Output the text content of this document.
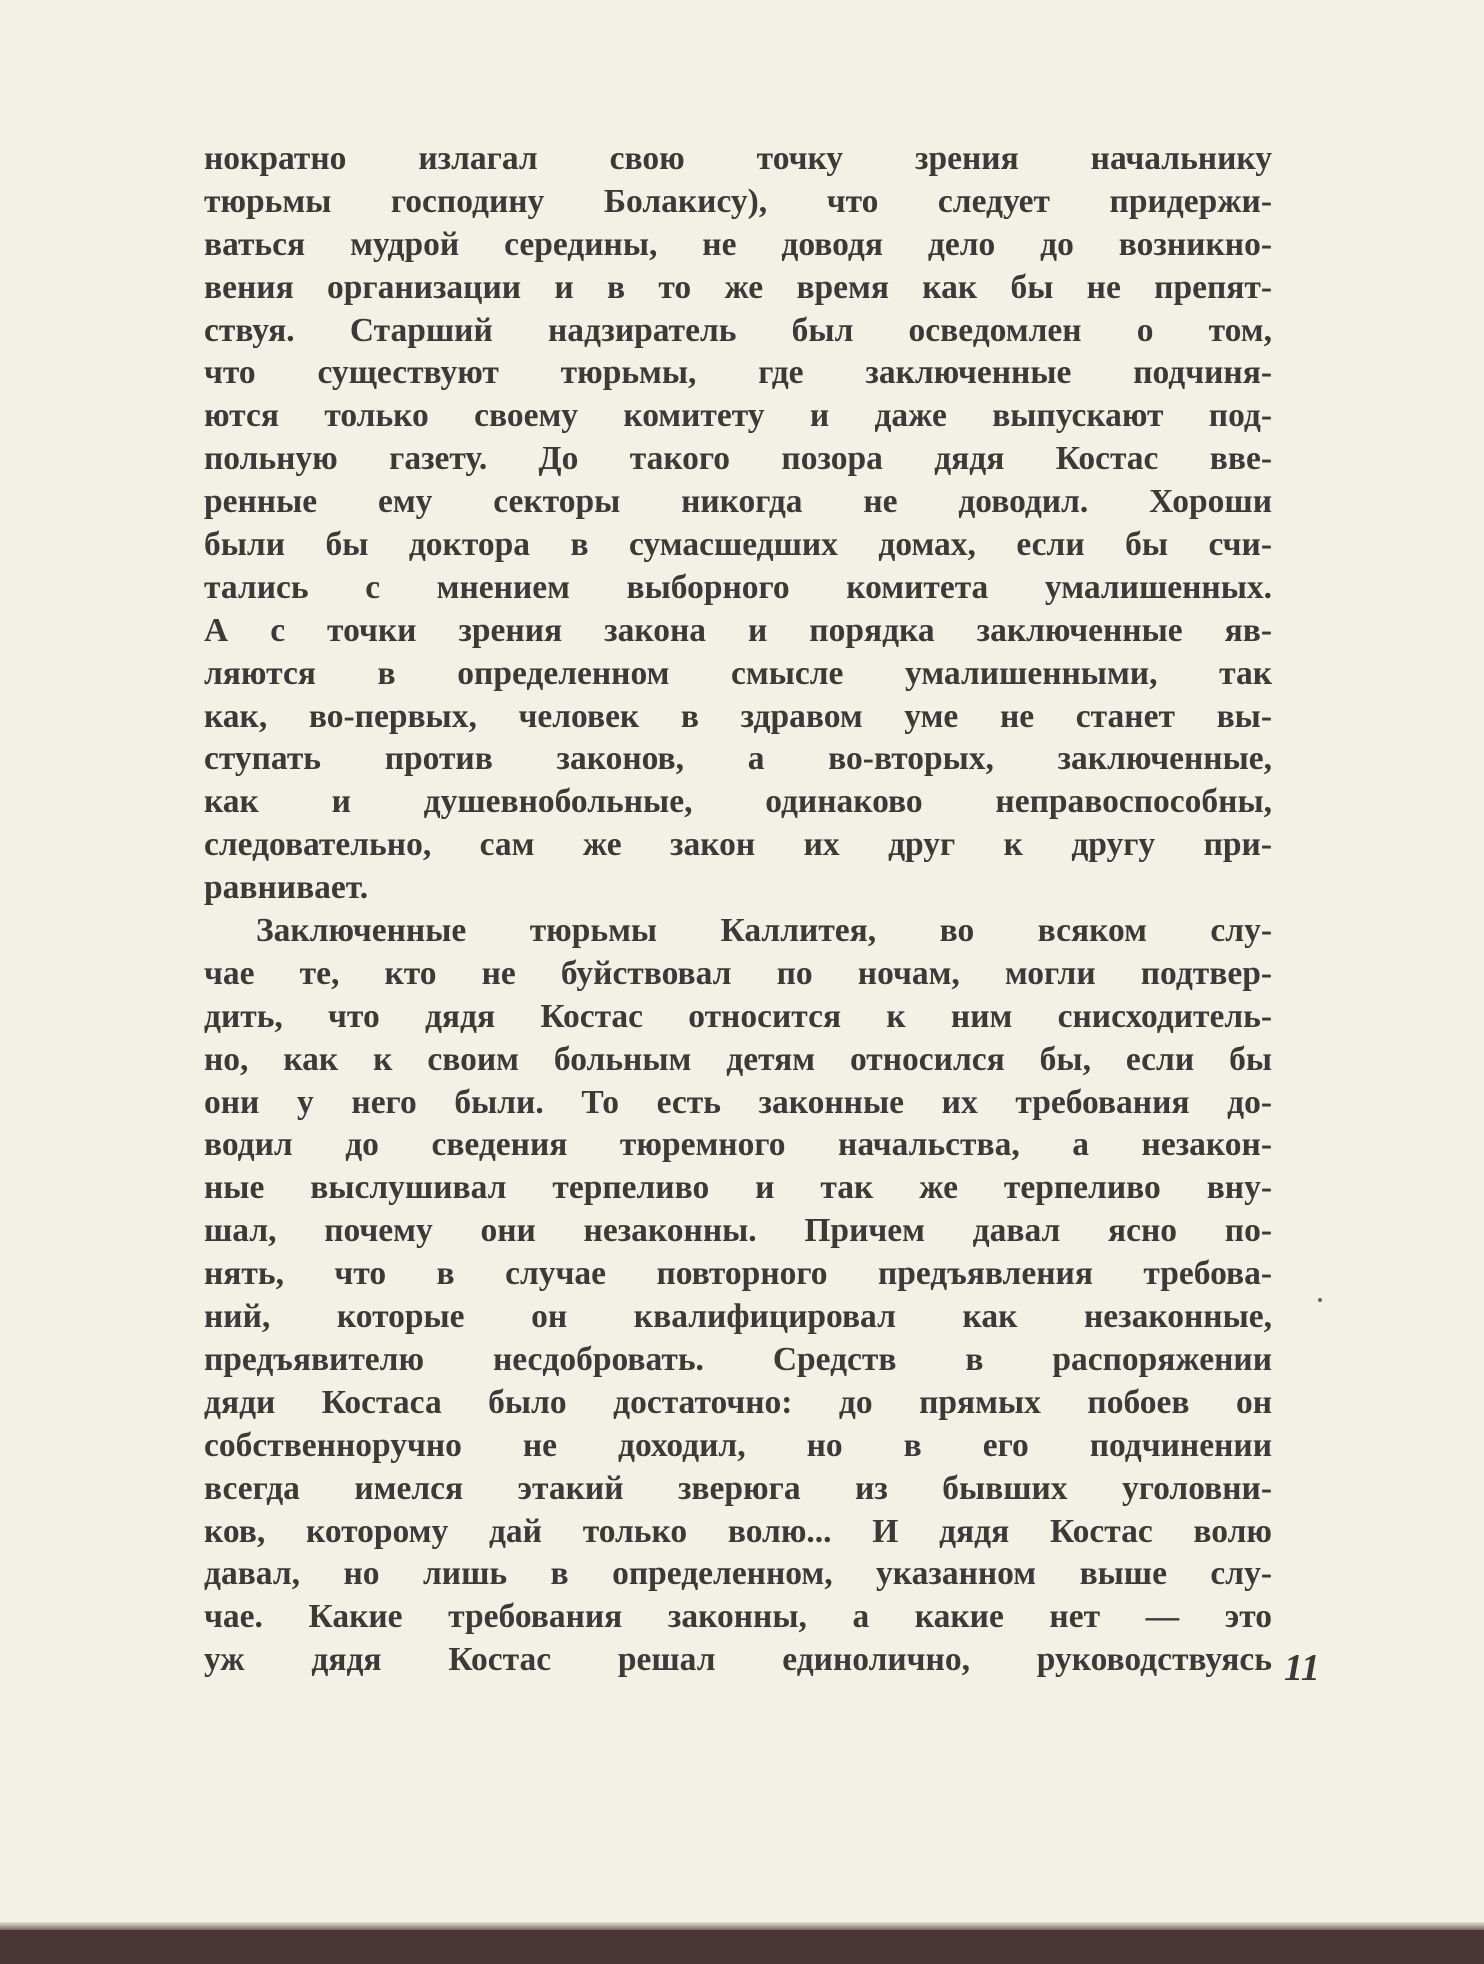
нократно излагал свою точку зрения начальнику
тюрьмы господину Болакису), что следует придержи-
ваться мудрой середины, не доводя дело до возникно-
вения организации и в то же время как бы не препят-
ствуя. Старший надзиратель был осведомлен о том,
что существуют тюрьмы, где заключенные подчиня-
ются только своему комитету и даже выпускают под-
польную газету. До такого позора дядя Костас вве-
ренные ему секторы никогда не доводил. Хороши
были бы доктора в сумасшедших домах, если бы счи-
тались с мнением выборного комитета умалишенных.
А с точки зрения закона и порядка заключенные яв-
ляются в определенном смысле умалишенными, так
как, во-первых, человек в здравом уме не станет вы-
ступать против законов, а во-вторых, заключенные,
как и душевнобольные, одинаково неправоспособны,
следовательно, сам же закон их друг к другу при-
равнивает.
Заключенные тюрьмы Каллитея, во всяком слу-
чае те, кто не буйствовал по ночам, могли подтвер-
дить, что дядя Костас относится к ним снисходитель-
но, как к своим больным детям относился бы, если бы
они у него были. То есть законные их требования до-
водил до сведения тюремного начальства, а незакон-
ные выслушивал терпеливо и так же терпеливо вну-
шал, почему они незаконны. Причем давал ясно по-
нять, что в случае повторного предъявления требова-
ний, которые он квалифицировал как незаконные,
предъявителю несдобровать. Средств в распоряжении
дяди Костаса было достаточно: до прямых побоев он
собственноручно не доходил, но в его подчинении
всегда имелся этакий зверюга из бывших уголовни-
ков, которому дай только волю... И дядя Костас волю
давал, но лишь в определенном, указанном выше слу-
чае. Какие требования законны, а какие нет — это
уж дядя Костас решал единолично, руководствуясь 11
